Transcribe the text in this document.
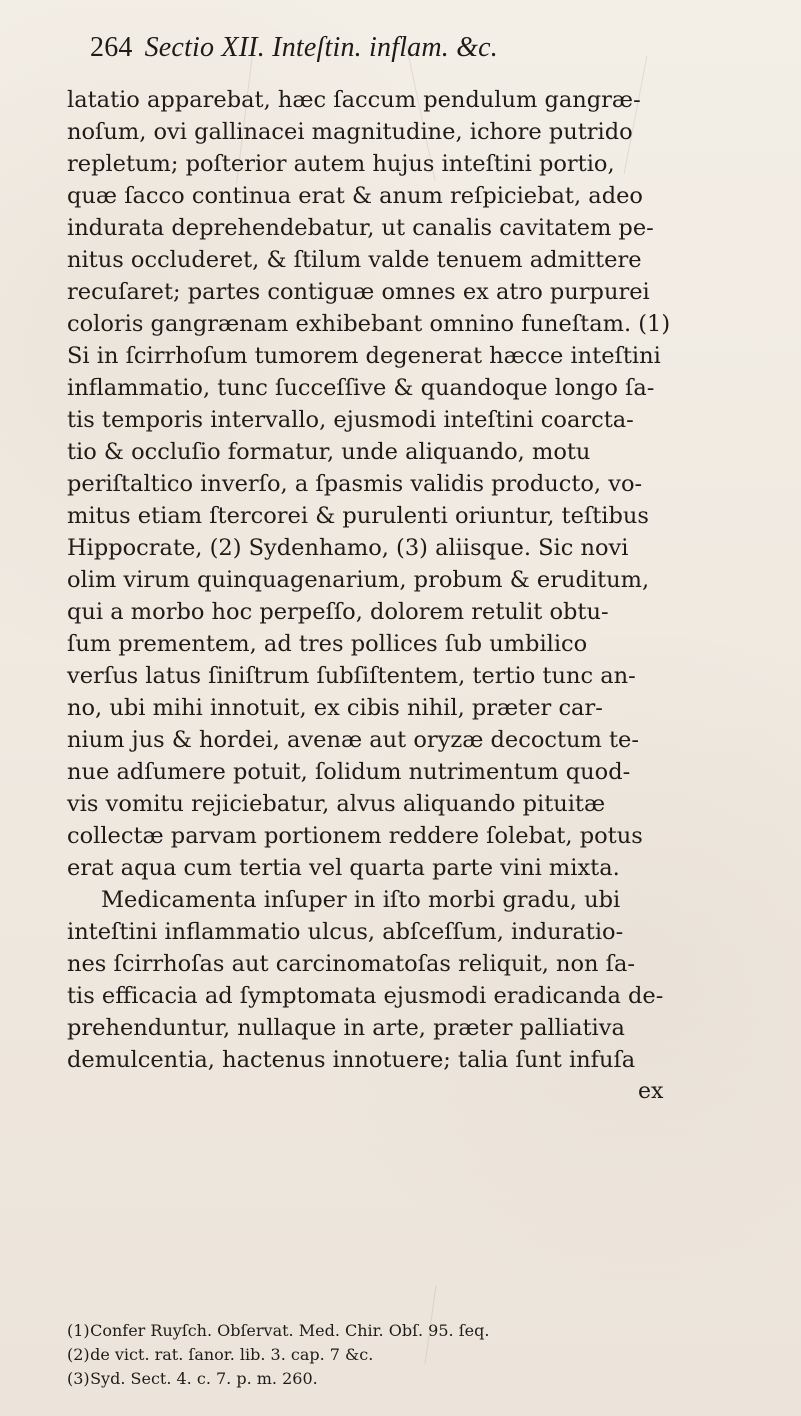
264 Sectio XII. Inteſtin. inflam. &c.
latatio apparebat, hæc ſaccum pendulum gangræ-
noſum, ovi gallinacei magnitudine, ichore putrido
repletum; poſterior autem hujus inteſtini portio,
quæ ſacco continua erat & anum reſpiciebat, adeo
indurata deprehendebatur, ut canalis cavitatem pe-
nitus occluderet, & ſtilum valde tenuem admittere
recuſaret; partes contiguæ omnes ex atro purpurei
coloris gangrænam exhibebant omnino funeſtam. (1)
Si in ſcirrhoſum tumorem degenerat hæcce inteſtini
inflammatio, tunc ſucceſſive & quandoque longo ſa-
tis temporis intervallo, ejusmodi inteſtini coarcta-
tio & occluſio formatur, unde aliquando, motu
periſtaltico inverſo, a ſpasmis validis producto, vo-
mitus etiam ſtercorei & purulenti oriuntur, teſtibus
Hippocrate, (2) Sydenhamo, (3) aliisque. Sic novi
olim virum quinquagenarium, probum & eruditum,
qui a morbo hoc perpeſſo, dolorem retulit obtu-
ſum prementem, ad tres pollices ſub umbilico
verſus latus ſiniſtrum ſubſiſtentem, tertio tunc an-
no, ubi mihi innotuit, ex cibis nihil, præter car-
nium jus & hordei, avenæ aut oryzæ decoctum te-
nue adſumere potuit, ſolidum nutrimentum quod-
vis vomitu rejiciebatur, alvus aliquando pituitæ
collectæ parvam portionem reddere ſolebat, potus
erat aqua cum tertia vel quarta parte vini mixta.
Medicamenta inſuper in iſto morbi gradu, ubi
inteſtini inflammatio ulcus, abſceſſum, induratio-
nes ſcirrhoſas aut carcinomatoſas reliquit, non ſa-
tis efficacia ad ſymptomata ejusmodi eradicanda de-
prehenduntur, nullaque in arte, præter palliativa
demulcentia, hactenus innotuere; talia ſunt infuſa
ex
(1) Confer Ruyſch. Obſervat. Med. Chir. Obſ. 95. ſeq.
(2) de vict. rat. ſanor. lib. 3. cap. 7 &c.
(3) Syd. Sect. 4. c. 7. p. m. 260.
